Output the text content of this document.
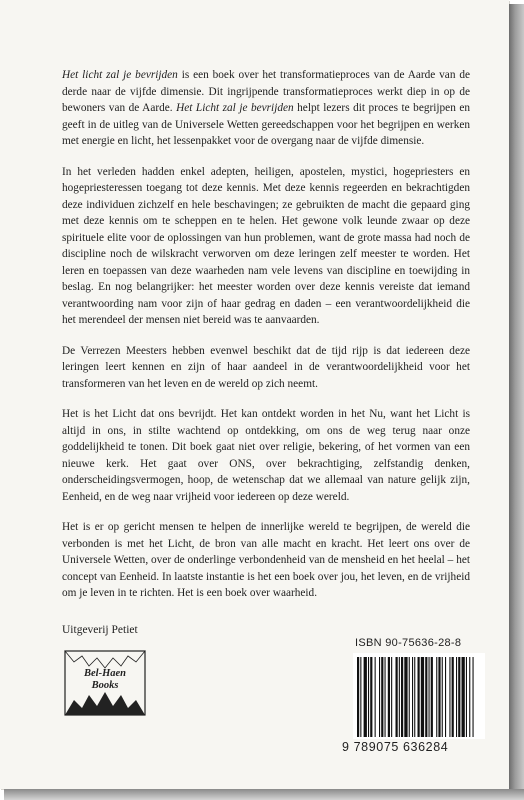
Het licht zal je bevrijden is een boek over het transformatieproces van de Aarde van de derde naar de vijfde dimensie. Dit ingrijpende transformatieproces werkt diep in op de bewoners van de Aarde. Het Licht zal je bevrijden helpt lezers dit proces te begrijpen en geeft in de uitleg van de Universele Wetten gereedschappen voor het begrijpen en werken met energie en licht, het lessenpakket voor de overgang naar de vijfde dimensie.

In het verleden hadden enkel adepten, heiligen, apostelen, mystici, hogepriesters en hogepriesteressen toegang tot deze kennis. Met deze kennis regeerden en bekrachtigden deze individuen zichzelf en hele beschavingen; ze gebruikten de macht die gepaard ging met deze kennis om te scheppen en te helen. Het gewone volk leunde zwaar op deze spirituele elite voor de oplossingen van hun problemen, want de grote massa had noch de discipline noch de wilskracht verworven om deze leringen zelf meester te worden. Het leren en toepassen van deze waarheden nam vele levens van discipline en toewijding in beslag. En nog belangrijker: het meester worden over deze kennis vereiste dat iemand verantwoording nam voor zijn of haar gedrag en daden – een verantwoordelijkheid die het merendeel der mensen niet bereid was te aanvaarden.

De Verrezen Meesters hebben evenwel beschikt dat de tijd rijp is dat iedereen deze leringen leert kennen en zijn of haar aandeel in de verantwoordelijkheid voor het transformeren van het leven en de wereld op zich neemt.

Het is het Licht dat ons bevrijdt. Het kan ontdekt worden in het Nu, want het Licht is altijd in ons, in stilte wachtend op ontdekking, om ons de weg terug naar onze goddelijkheid te tonen. Dit boek gaat niet over religie, bekering, of het vormen van een nieuwe kerk. Het gaat over ONS, over bekrachtiging, zelfstandig denken, onderscheidingsvermogen, hoop, de wetenschap dat we allemaal van nature gelijk zijn, Eenheid, en de weg naar vrijheid voor iedereen op deze wereld.

Het is er op gericht mensen te helpen de innerlijke wereld te begrijpen, de wereld die verbonden is met het Licht, de bron van alle macht en kracht. Het leert ons over de Universele Wetten, over de onderlinge verbondenheid van de mensheid en het heelal – het concept van Eenheid. In laatste instantie is het een boek over jou, het leven, en de vrijheid om je leven in te richten. Het is een boek over waarheid.

Uitgeverij Petiet
Bel-Haen
Books
ISBN 90-75636-28-8
9 789075 636284
